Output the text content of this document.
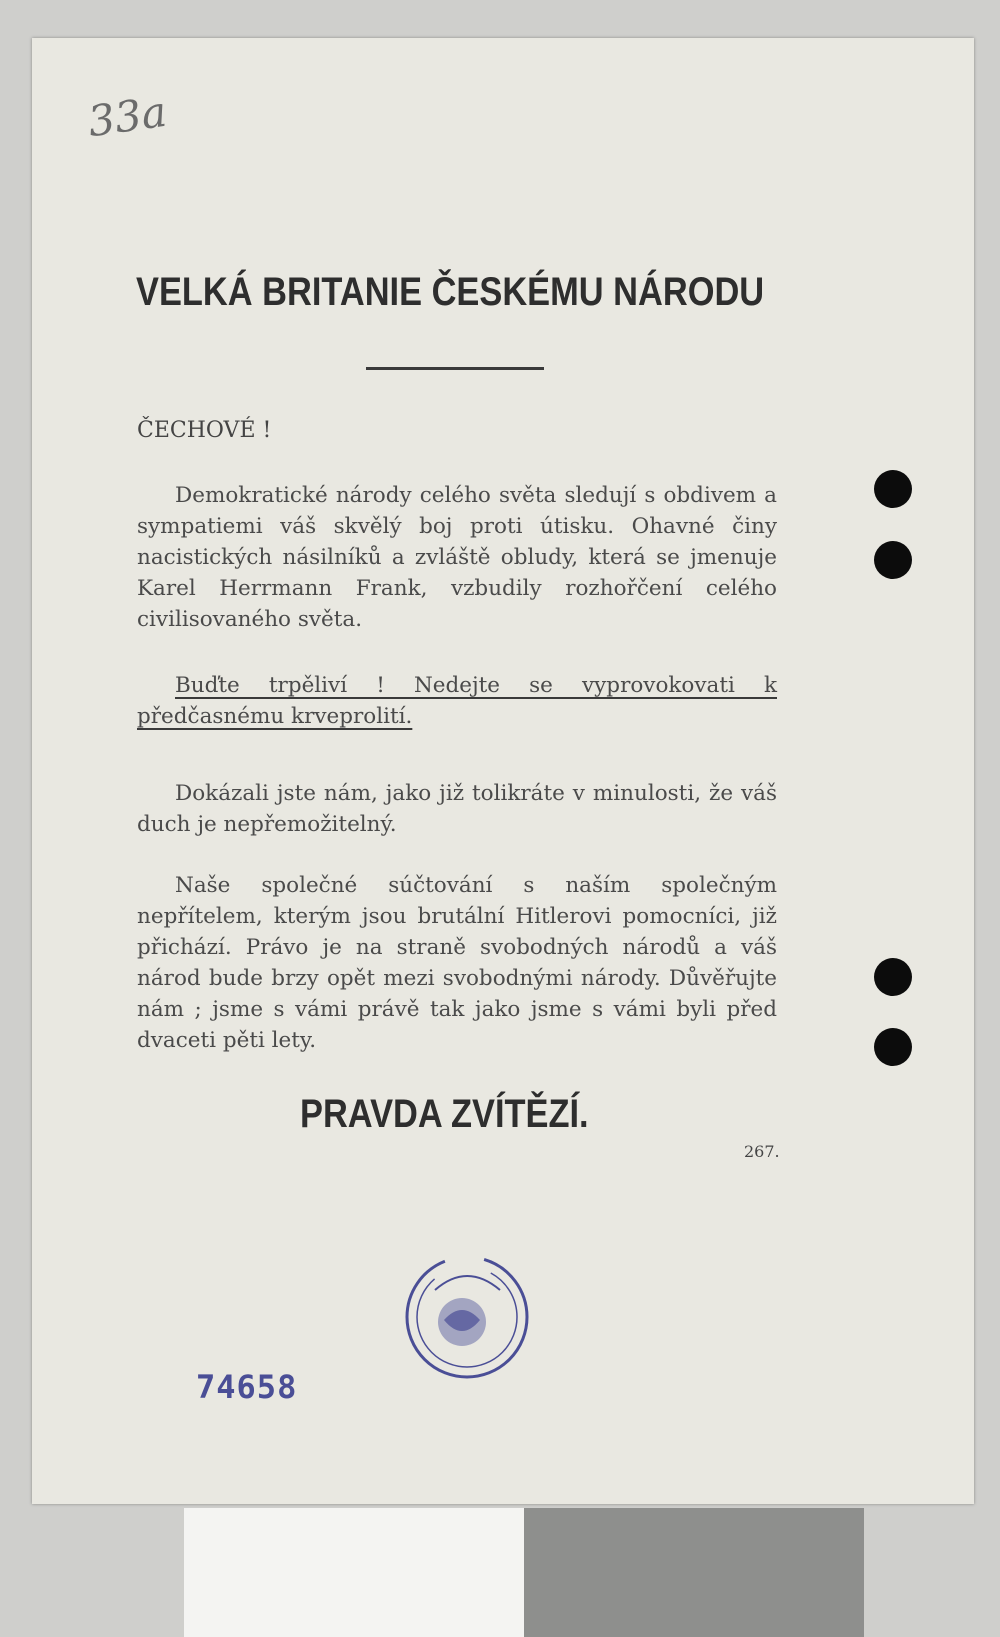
33a
VELKÁ BRITANIE ČESKÉMU NÁRODU
ČECHOVÉ !

Demokratické národy celého světa sledují s obdivem a sympatiemi váš skvělý boj proti útisku. Ohavné činy nacistických násilníků a zvláště obludy, která se jmenuje Karel Herrmann Frank, vzbudily rozhořčení celého civilisovaného světa.

Buďte trpěliví ! Nedejte se vyprovokovati k předčasnému krveprolití.

Dokázali jste nám, jako již tolikráte v minulosti, že váš duch je nepřemožitelný.

Naše společné súčtování s naším společným nepřítelem, kterým jsou brutální Hitlerovi pomocníci, již přichází. Právo je na straně svobodných národů a váš národ bude brzy opět mezi svobodnými národy. Důvěřujte nám ; jsme s vámi právě tak jako jsme s vámi byli před dvaceti pěti lety.

PRAVDA ZVÍTĚZÍ.
267.
74658
